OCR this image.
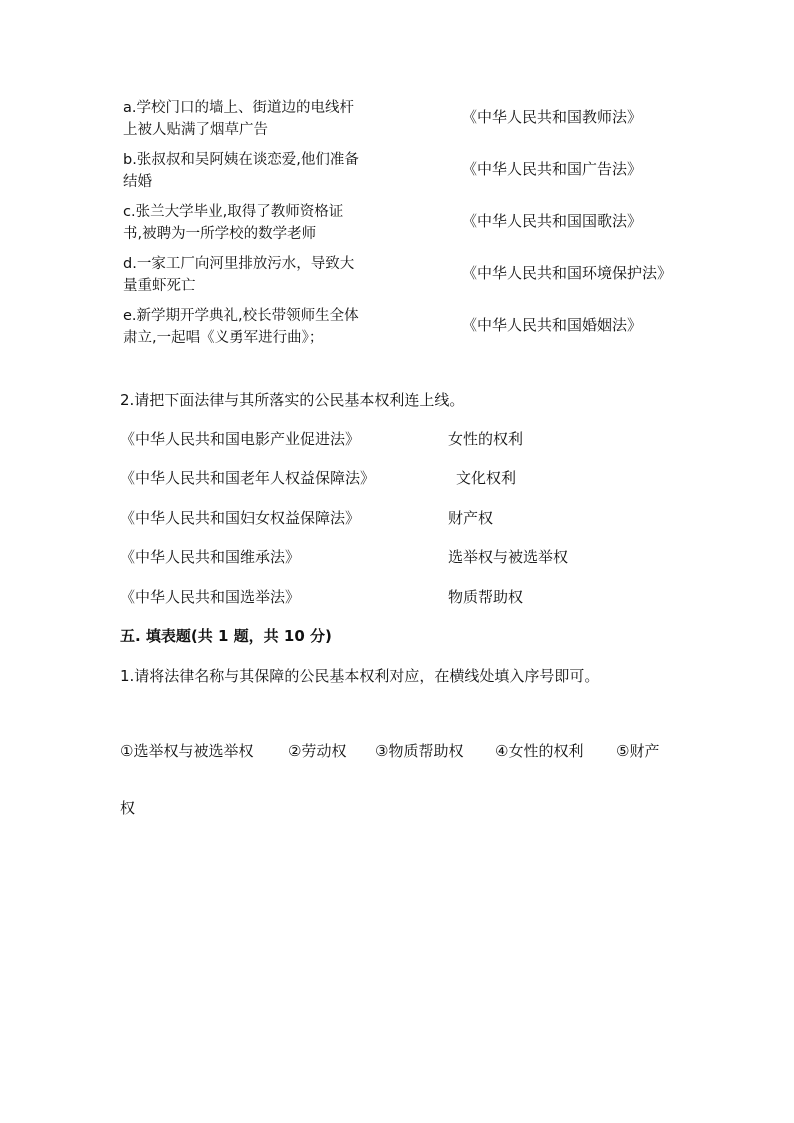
a.学校门口的墙上、街道边的电线杆
上被人贴满了烟草广告
《中华人民共和国教师法》
b.张叔叔和吴阿姨在谈恋爱,他们准备
结婚
《中华人民共和国广告法》
c.张兰大学毕业,取得了教师资格证
书,被聘为一所学校的数学老师
《中华人民共和国国歌法》
d.一家工厂向河里排放污水，导致大
量重虾死亡
《中华人民共和国环境保护法》
e.新学期开学典礼,校长带领师生全体
肃立,一起唱《义勇军进行曲》；
《中华人民共和国婚姻法》
2.请把下面法律与其所落实的公民基本权利连上线。
《中华人民共和国电影产业促进法》	女性的权利
《中华人民共和国老年人权益保障法》	文化权利
《中华人民共和国妇女权益保障法》	财产权
《中华人民共和国维承法》	选举权与被选举权
《中华人民共和国选举法》	物质帮助权
五. 填表题(共 1 题，共 10 分)
1.请将法律名称与其保障的公民基本权利对应，在横线处填入序号即可。
①选举权与被选举权 ②劳动权 ③物质帮助权 ④女性的权利 ⑤财产
权
